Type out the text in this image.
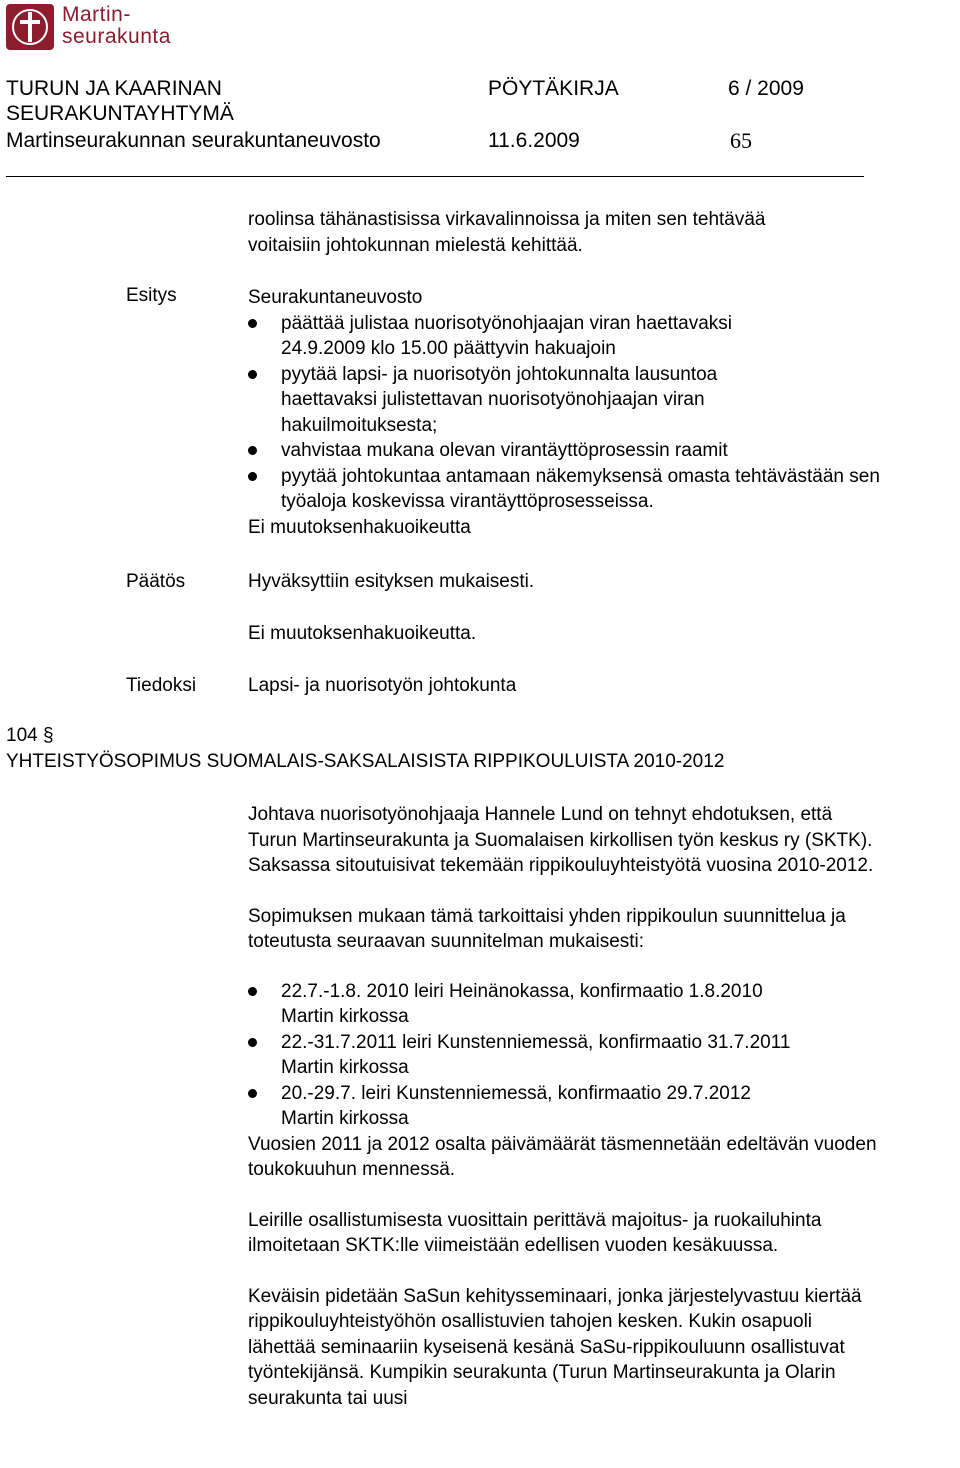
Martin-
seurakunta
TURUN JA KAARINAN
SEURAKUNTAYHTYMÄ
Martinseurakunnan seurakuntaneuvosto
PÖYTÄKIRJA	6 / 2009
11.6.2009	65

roolinsa tähänastisissa virkavalinnoissa ja miten sen tehtävää

voitaisiin johtokunnan mielestä kehittää.

Esitys	Seurakuntaneuvosto

päättää julistaa nuorisotyönohjaajan viran haettavaksi 24.9.2009 klo 15.00 päättyvin hakuajoin
pyytää lapsi- ja nuorisotyön johtokunnalta lausuntoa haettavaksi julistettavan nuorisotyönohjaajan viran hakuilmoituksesta;
vahvistaa mukana olevan virantäyttöprosessin raamit
pyytää johtokuntaa antamaan näkemyksensä omasta tehtävästään sen työaloja koskevissa virantäyttöprosesseissa.

Ei muutoksenhakuoikeutta

Päätös	Hyväksyttiin esityksen mukaisesti.
Ei muutoksenhakuoikeutta.
Tiedoksi	Lapsi- ja nuorisotyön johtokunta
104 §
YHTEISTYÖSOPIMUS SUOMALAIS-SAKSALAISISTA RIPPIKOULUISTA 2010-2012

Johtava nuorisotyönohjaaja Hannele Lund on tehnyt ehdotuksen, että Turun Martinseurakunta ja Suomalaisen kirkollisen työn keskus ry (SKTK). Saksassa sitoutuisivat tekemään rippikouluyhteistyötä vuosina 2010-2012.

Sopimuksen mukaan tämä tarkoittaisi yhden rippikoulun suunnittelua ja toteutusta seuraavan suunnitelman mukaisesti:

22.7.-1.8. 2010 leiri Heinänokassa, konfirmaatio 1.8.2010
Martin kirkossa
22.-31.7.2011 leiri Kunstenniemessä, konfirmaatio 31.7.2011
Martin kirkossa
20.-29.7. leiri Kunstenniemessä, konfirmaatio 29.7.2012
Martin kirkossa

Vuosien 2011 ja 2012 osalta päivämäärät täsmennetään edeltävän vuoden toukokuuhun mennessä.

Leirille osallistumisesta vuosittain perittävä majoitus- ja ruokailuhinta ilmoitetaan SKTK:lle viimeistään edellisen vuoden kesäkuussa.

Keväisin pidetään SaSun kehitysseminaari, jonka järjestelyvastuu kiertää rippikouluyhteistyöhön osallistuvien tahojen kesken. Kukin osapuoli lähettää seminaariin kyseisenä kesänä SaSu-rippikouluunn osallistuvat työntekijänsä. Kumpikin seurakunta (Turun Martinseurakunta ja Olarin seurakunta tai uusi
